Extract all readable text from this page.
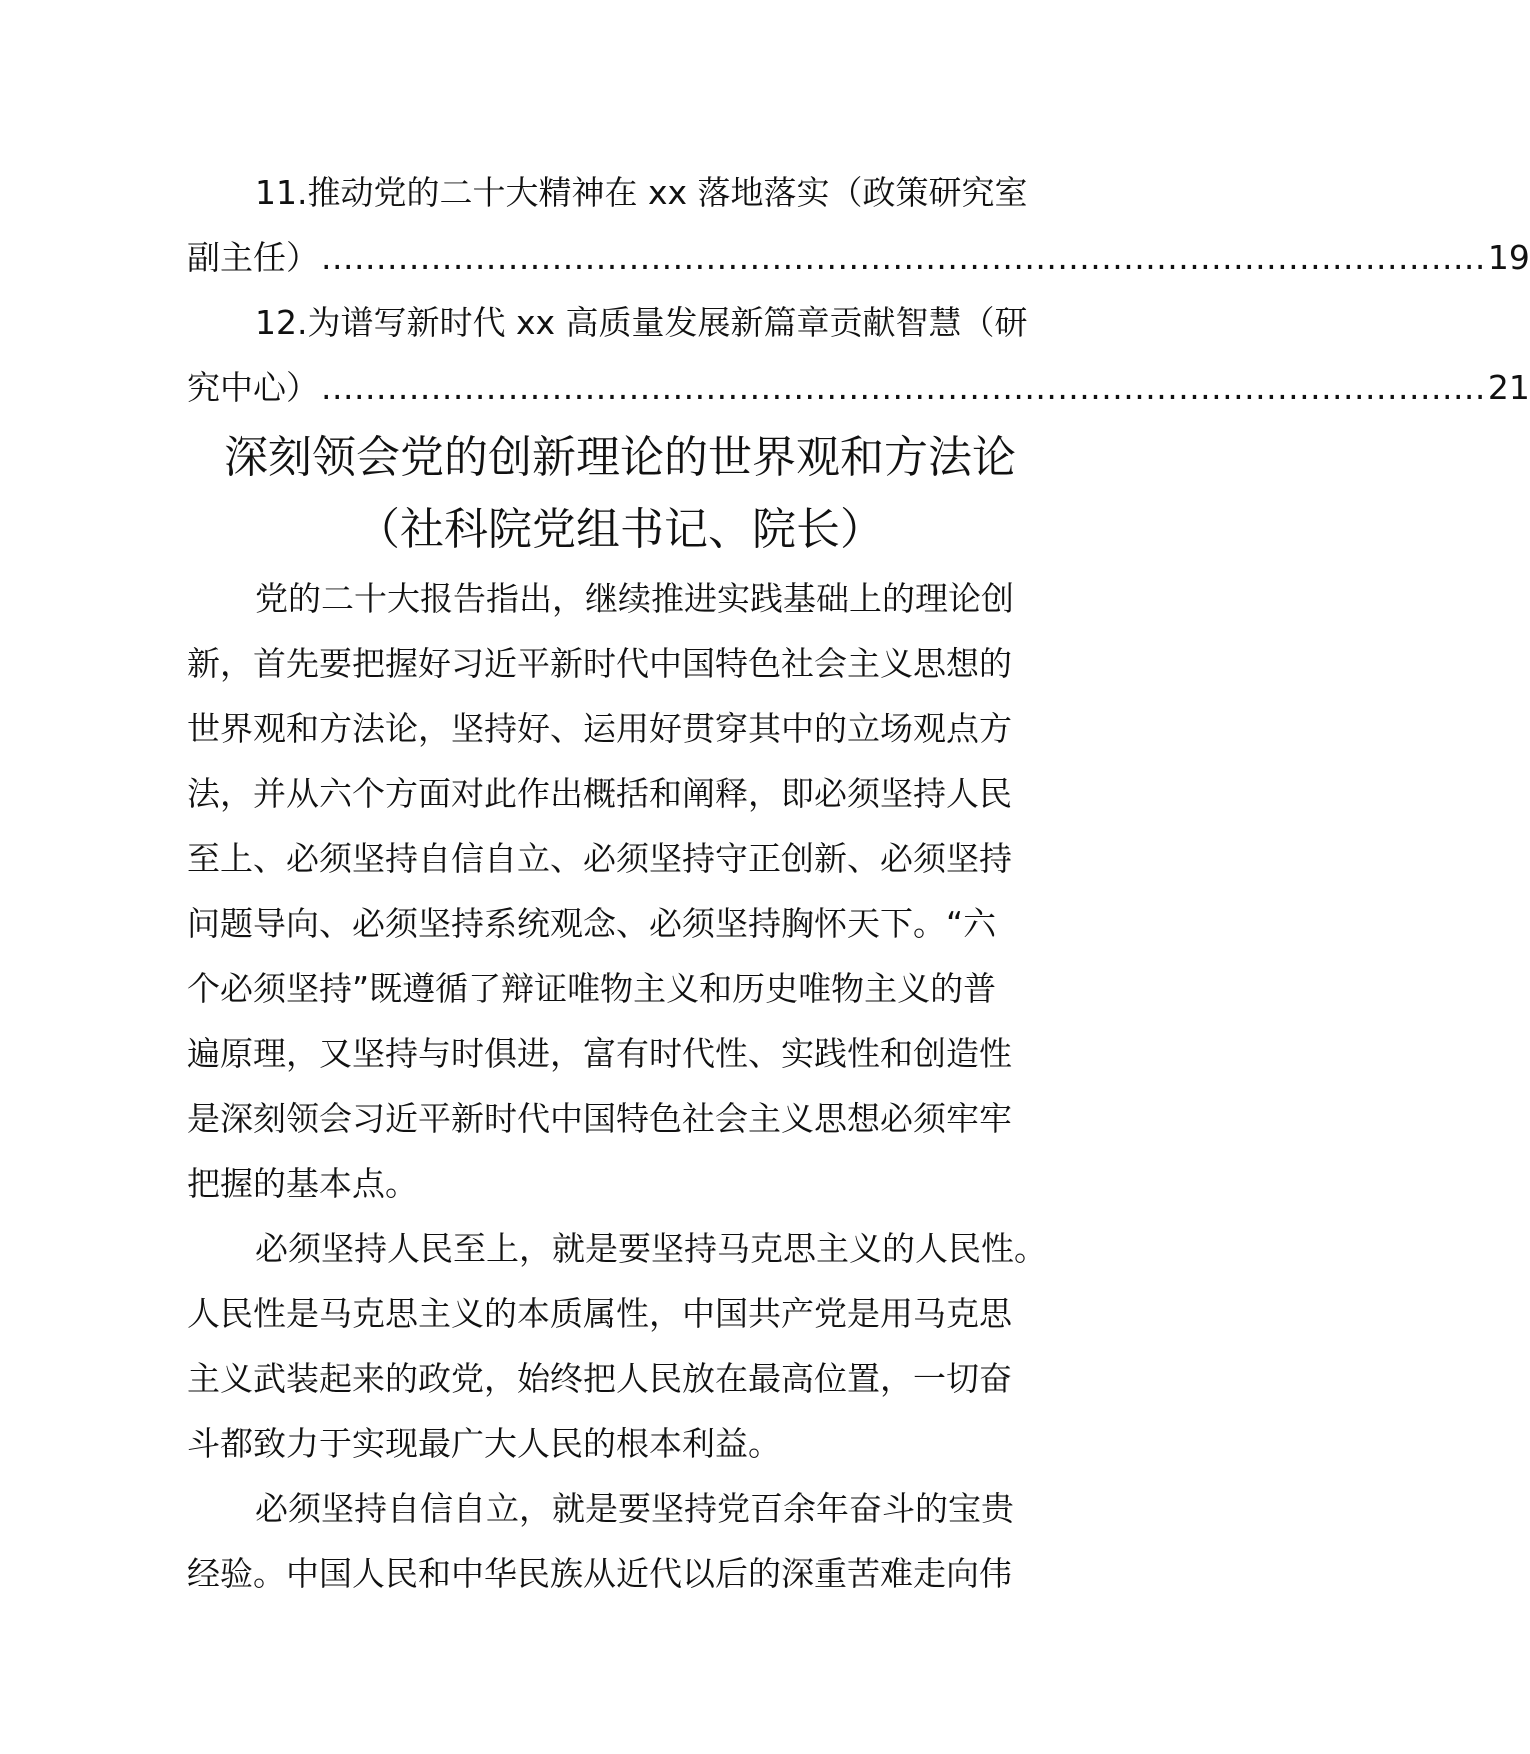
11.推动党的二十大精神在 xx 落地落实（政策研究室
副主任） .......................................................................................................... 19
12.为谱写新时代 xx 高质量发展新篇章贡献智慧（研
究中心） .......................................................................................................... 21
深刻领会党的创新理论的世界观和方法论
（社科院党组书记、院长）
党的二十大报告指出，继续推进实践基础上的理论创
新，首先要把握好习近平新时代中国特色社会主义思想的
世界观和方法论，坚持好、运用好贯穿其中的立场观点方
法，并从六个方面对此作出概括和阐释，即必须坚持人民
至上、必须坚持自信自立、必须坚持守正创新、必须坚持
问题导向、必须坚持系统观念、必须坚持胸怀天下。“六
个必须坚持”既遵循了辩证唯物主义和历史唯物主义的普
遍原理，又坚持与时俱进，富有时代性、实践性和创造性
是深刻领会习近平新时代中国特色社会主义思想必须牢牢
把握的基本点。
必须坚持人民至上，就是要坚持马克思主义的人民性。
人民性是马克思主义的本质属性，中国共产党是用马克思
主义武装起来的政党，始终把人民放在最高位置，一切奋
斗都致力于实现最广大人民的根本利益。
必须坚持自信自立，就是要坚持党百余年奋斗的宝贵
经验。中国人民和中华民族从近代以后的深重苦难走向伟
